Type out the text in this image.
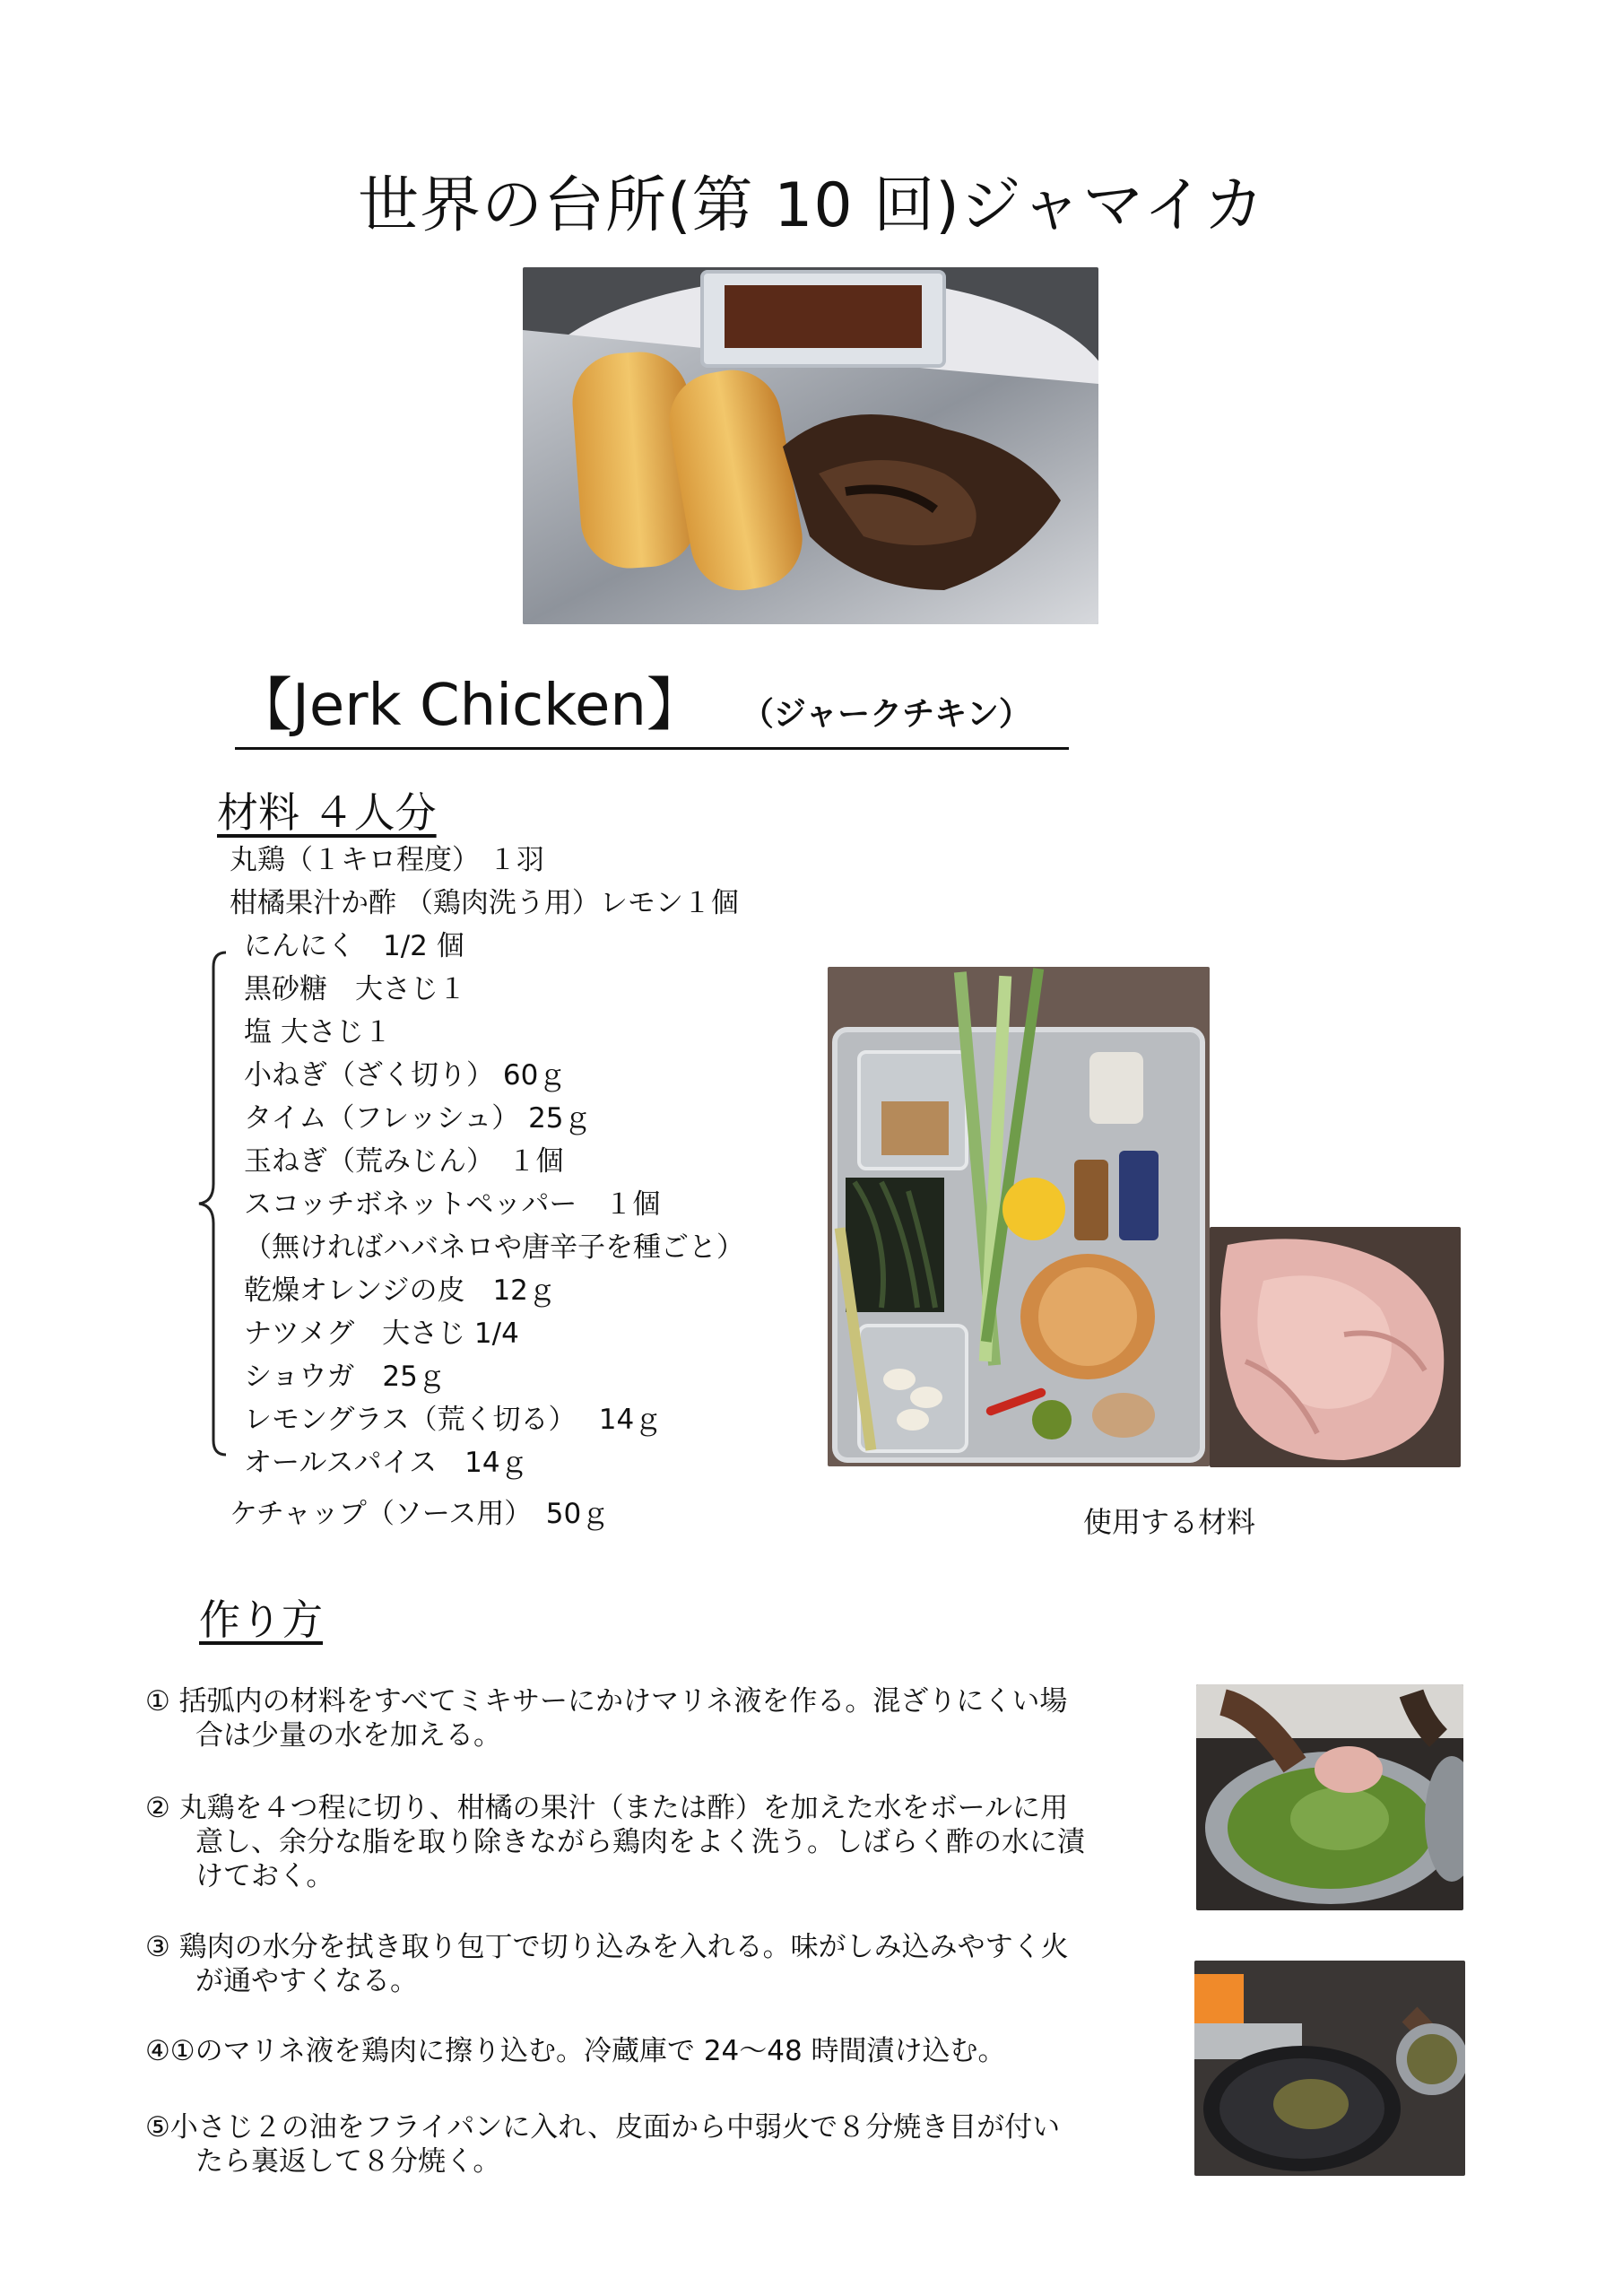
世界の台所(第 10 回)ジャマイカ
【Jerk Chicken】 （ジャークチキン）
材料 ４人分
丸鶏（１キロ程度） １羽
柑橘果汁か酢 （鶏肉洗う用）レモン１個
にんにく　1/2 個
黒砂糖　大さじ１
塩 大さじ１
小ねぎ（ざく切り） 60ｇ
タイム（フレッシュ） 25ｇ
玉ねぎ（荒みじん）　１個
スコッチボネットペッパー　１個
（無ければハバネロや唐辛子を種ごと）
乾燥オレンジの皮　12ｇ
ナツメグ　大さじ 1/4
ショウガ　25ｇ
レモングラス（荒く切る）　 14ｇ
オールスパイス　14ｇ
ケチャップ（ソース用）　50ｇ	使用する材料
作り方
① 括弧内の材料をすべてミキサーにかけマリネ液を作る。混ざりにくい場
合は少量の水を加える。
② 丸鶏を４つ程に切り、柑橘の果汁（または酢）を加えた水をボールに用
意し、余分な脂を取り除きながら鶏肉をよく洗う。しばらく酢の水に漬
けておく。
③ 鶏肉の水分を拭き取り包丁で切り込みを入れる。味がしみ込みやすく火
が通やすくなる。
④①のマリネ液を鶏肉に擦り込む。冷蔵庫で 24～48 時間漬け込む。
⑤小さじ２の油をフライパンに入れ、皮面から中弱火で８分焼き目が付い
たら裏返して８分焼く。
